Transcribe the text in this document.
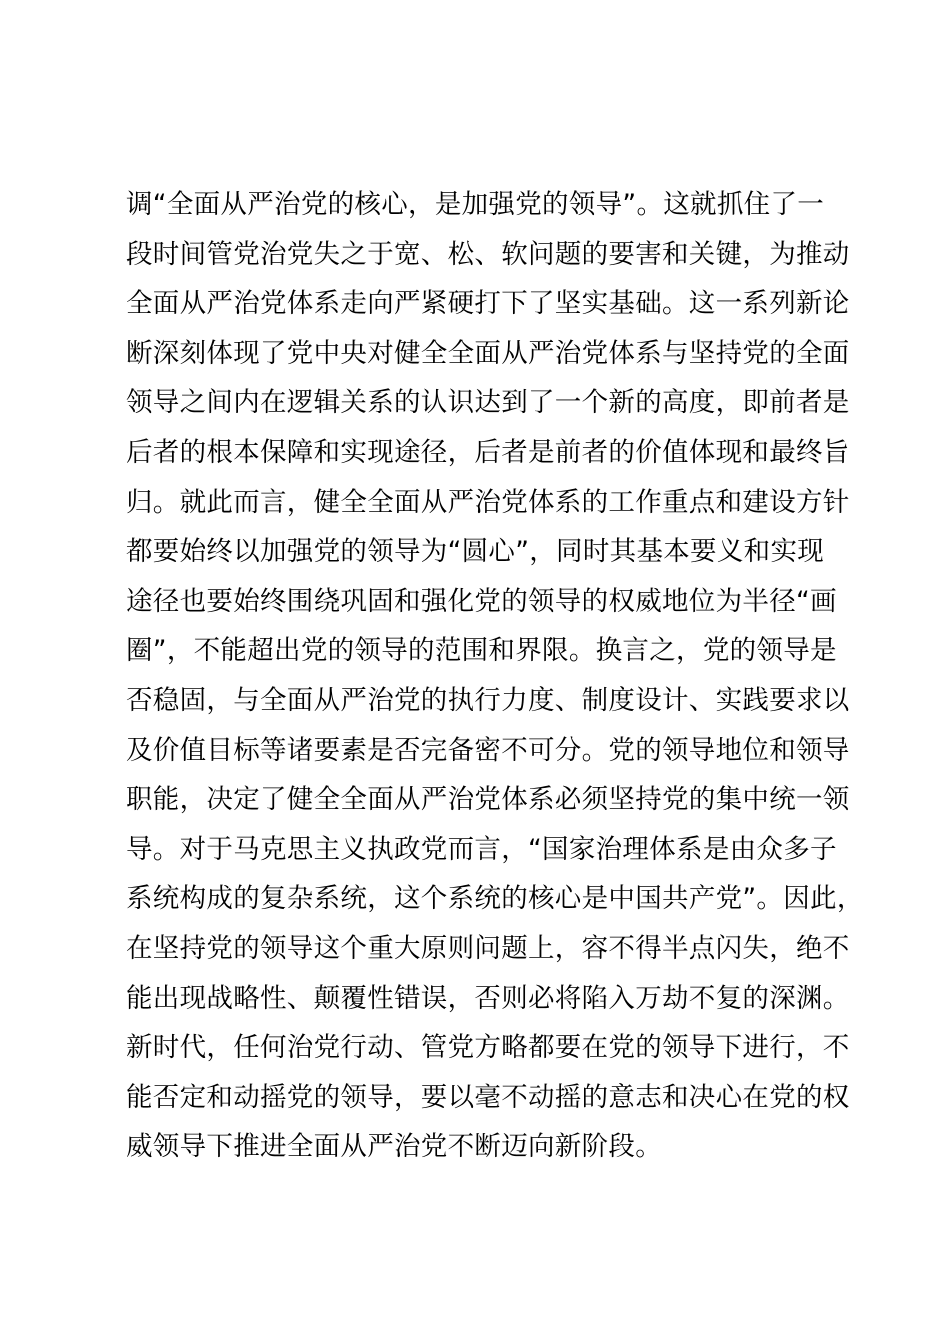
调“全面从严治党的核心，是加强党的领导”。这就抓住了一
段时间管党治党失之于宽、松、软问题的要害和关键，为推动
全面从严治党体系走向严紧硬打下了坚实基础。这一系列新论
断深刻体现了党中央对健全全面从严治党体系与坚持党的全面
领导之间内在逻辑关系的认识达到了一个新的高度，即前者是
后者的根本保障和实现途径，后者是前者的价值体现和最终旨
归。就此而言，健全全面从严治党体系的工作重点和建设方针
都要始终以加强党的领导为“圆心”，同时其基本要义和实现
途径也要始终围绕巩固和强化党的领导的权威地位为半径“画
圈”，不能超出党的领导的范围和界限。换言之，党的领导是
否稳固，与全面从严治党的执行力度、制度设计、实践要求以
及价值目标等诸要素是否完备密不可分。党的领导地位和领导
职能，决定了健全全面从严治党体系必须坚持党的集中统一领
导。对于马克思主义执政党而言，“国家治理体系是由众多子
系统构成的复杂系统，这个系统的核心是中国共产党”。因此，
在坚持党的领导这个重大原则问题上，容不得半点闪失，绝不
能出现战略性、颠覆性错误，否则必将陷入万劫不复的深渊。
新时代，任何治党行动、管党方略都要在党的领导下进行，不
能否定和动摇党的领导，要以毫不动摇的意志和决心在党的权
威领导下推进全面从严治党不断迈向新阶段。
